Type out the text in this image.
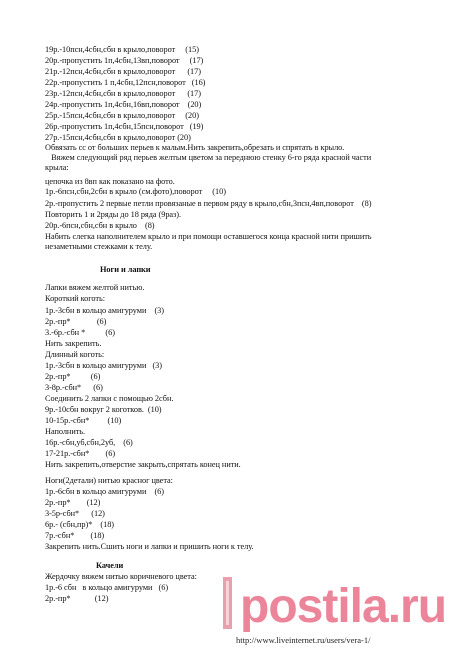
19р.-10псн,4сбн,сбн в крыло,поворот     (15)
20р.-пропустить 1п,4сбн,13вп,поворот     (17)
21р.-12псн,4сбн,сбн в крыло,поворот      (17)
22р.-пропустить 1 п,4сбн,12псн,поворот   (16)
23р.-12псн,4сбн,сбн в крыло,поворот      (17)
24р.-пропустить 1п,4сбн,16вп,поворот    (20)
25р.-15псн,4сбн,сбн в крыло,поворот     (20)
26р.-пропустить 1п,4сбн,15псн,поворот   (19)
27р.-15псн,4сбн,сбн в крыло,поворот (20)
Обвязать сс от больших перьев к малым.Нить закрепить,обрезать и спрятать в крыло.
Вяжем следующий ряд перьев желтым цветом за переднюю стенку 6-го ряда красной части
крыла:
цепочка из 8вп как показано на фото.
1р.-6псн,сбн,2сбн в крыло (см.фото),поворот     (10)
2р.-пропустить 2 первые петли провязаные в первом ряду в крыло,сбн,3псн,4вп,поворот    (8)
Повторить 1 и 2ряды до 18 ряда (9раз).
20р.-6псн,сбн,сбн в крыло    (8)
Набить слегка наполнителем крыло и при помощи оставшегося конца красной нити пришить
незаметными стежками к телу.
Ноги и лапки
Лапки вяжем желтой нитью.
Короткий коготь:
1р.-3сбн в кольцо амигуруми    (3)
2р.-пр*             (6)
3.-6р.-сбн *          (6)
Нить закрепить.
Длинный коготь:
1р.-3сбн в кольцо амигуруми   (3)
2р.-пр*          (6)
3-8р.-сбн*      (6)
Соединить 2 лапки с помощью 2сбн.
9р.-10сбн вокруг 2 коготков.  (10)
10-15р.-сбн*         (10)
Наполнить.
16р.-сбн,уб,сбн,2уб,    (6)
17-21р.-сбн*        (6)
Нить закрепить,отверстие закрыть,спрятать конец нити.
Ноги(2детали) нитью красног цвета:
1р.-6сбн в кольцо амигуруми    (6)
2р.-пр*        (12)
3-5р-сбн*      (12)
6р.- (сбн,пр)*    (18)
7р.-сбн*        (18)
Закрепить нить.Сшить ноги и лапки и пришить ноги к телу.
Качели
Жердочку вяжем нитью коричневого цвета:
1р.-6 сбн   в кольцо амигуруми   (6)
2р.-пр*            (12)	postila.ru
http://www.liveinternet.ru/users/vera-1/
